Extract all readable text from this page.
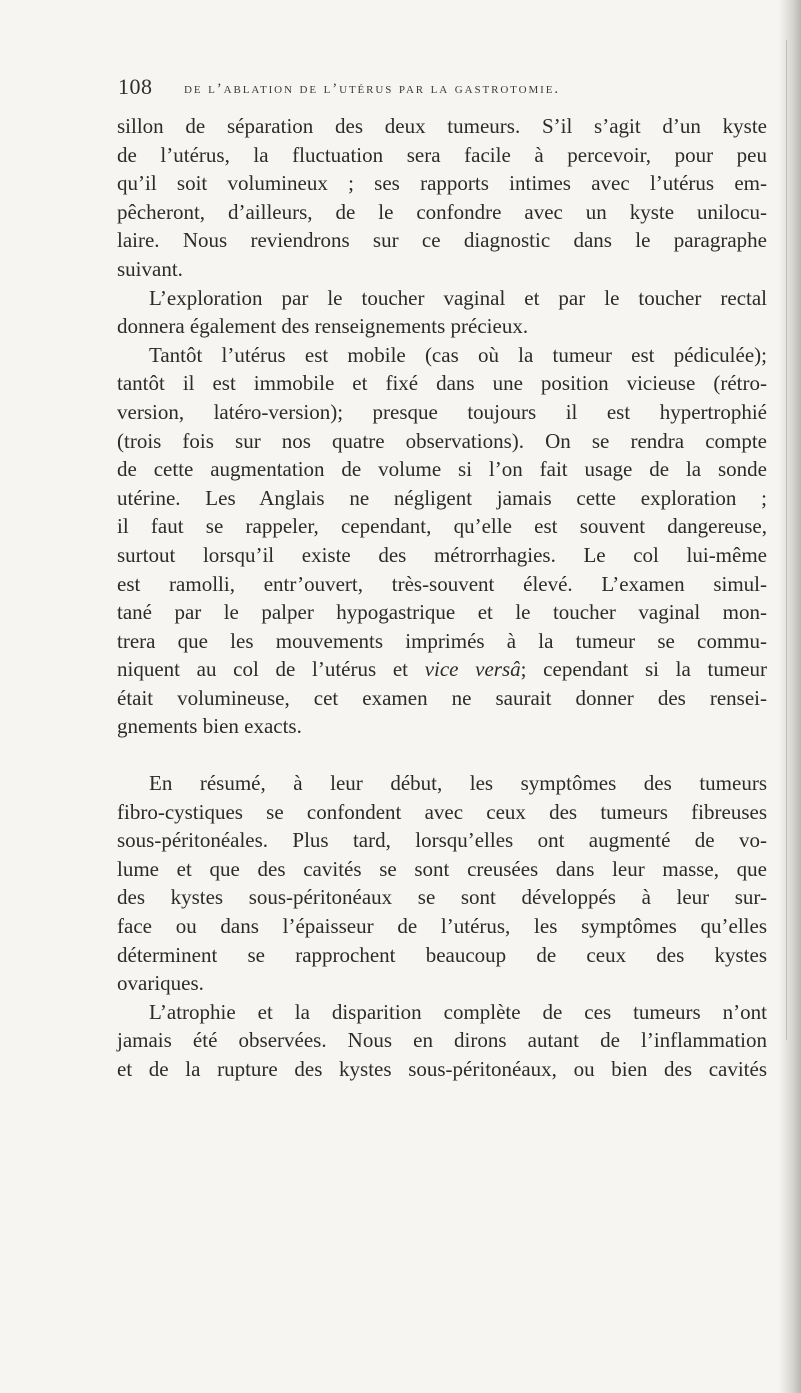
108 de l’ablation de l’utérus par la gastrotomie.
sillon de séparation des deux tumeurs. S’il s’agit d’un kyste
de l’utérus, la fluctuation sera facile à percevoir, pour peu
qu’il soit volumineux ; ses rapports intimes avec l’utérus em-
pêcheront, d’ailleurs, de le confondre avec un kyste unilocu-
laire. Nous reviendrons sur ce diagnostic dans le paragraphe
suivant.
L’exploration par le toucher vaginal et par le toucher rectal
donnera également des renseignements précieux.
Tantôt l’utérus est mobile (cas où la tumeur est pédiculée);
tantôt il est immobile et fixé dans une position vicieuse (rétro-
version, latéro-version); presque toujours il est hypertrophié
(trois fois sur nos quatre observations). On se rendra compte
de cette augmentation de volume si l’on fait usage de la sonde
utérine. Les Anglais ne négligent jamais cette exploration ;
il faut se rappeler, cependant, qu’elle est souvent dangereuse,
surtout lorsqu’il existe des métrorrhagies. Le col lui-même
est ramolli, entr’ouvert, très-souvent élevé. L’examen simul-
tané par le palper hypogastrique et le toucher vaginal mon-
trera que les mouvements imprimés à la tumeur se commu-
niquent au col de l’utérus et vice versâ; cependant si la tumeur
était volumineuse, cet examen ne saurait donner des rensei-
gnements bien exacts.
En résumé, à leur début, les symptômes des tumeurs
fibro-cystiques se confondent avec ceux des tumeurs fibreuses
sous-péritonéales. Plus tard, lorsqu’elles ont augmenté de vo-
lume et que des cavités se sont creusées dans leur masse, que
des kystes sous-péritonéaux se sont développés à leur sur-
face ou dans l’épaisseur de l’utérus, les symptômes qu’elles
déterminent se rapprochent beaucoup de ceux des kystes
ovariques.
L’atrophie et la disparition complète de ces tumeurs n’ont
jamais été observées. Nous en dirons autant de l’inflammation
et de la rupture des kystes sous-péritonéaux, ou bien des cavités
